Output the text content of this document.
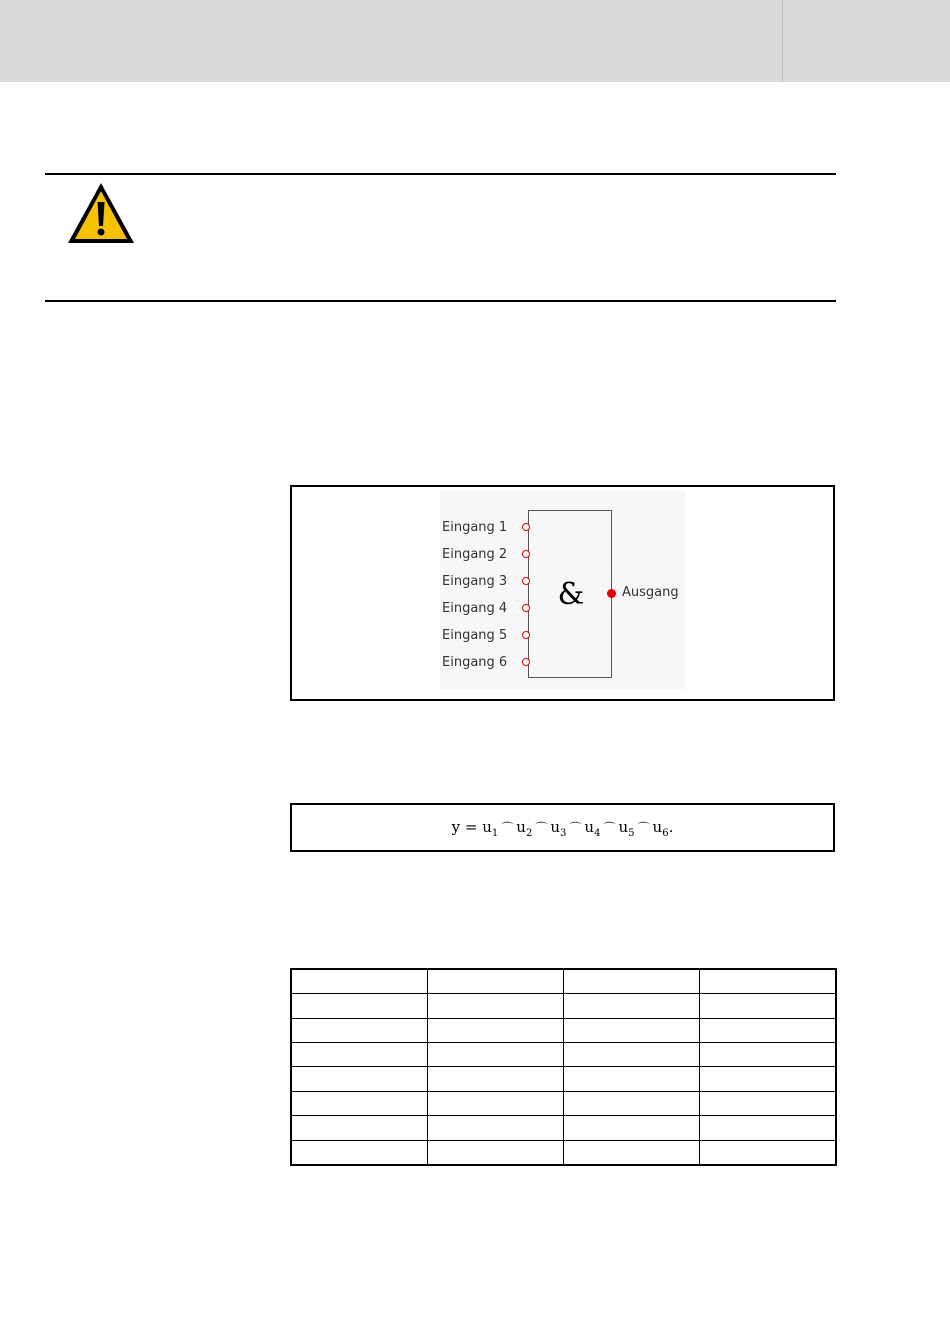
&
Eingang 1
Eingang 2
Eingang 3
Eingang 4
Eingang 5
Eingang 6
Ausgang
$y = u_1$ ⌒ $u_2$ ⌒ $u_3$ ⌒ $u_4$ ⌒ $u_5$ ⌒ $u_6$.
